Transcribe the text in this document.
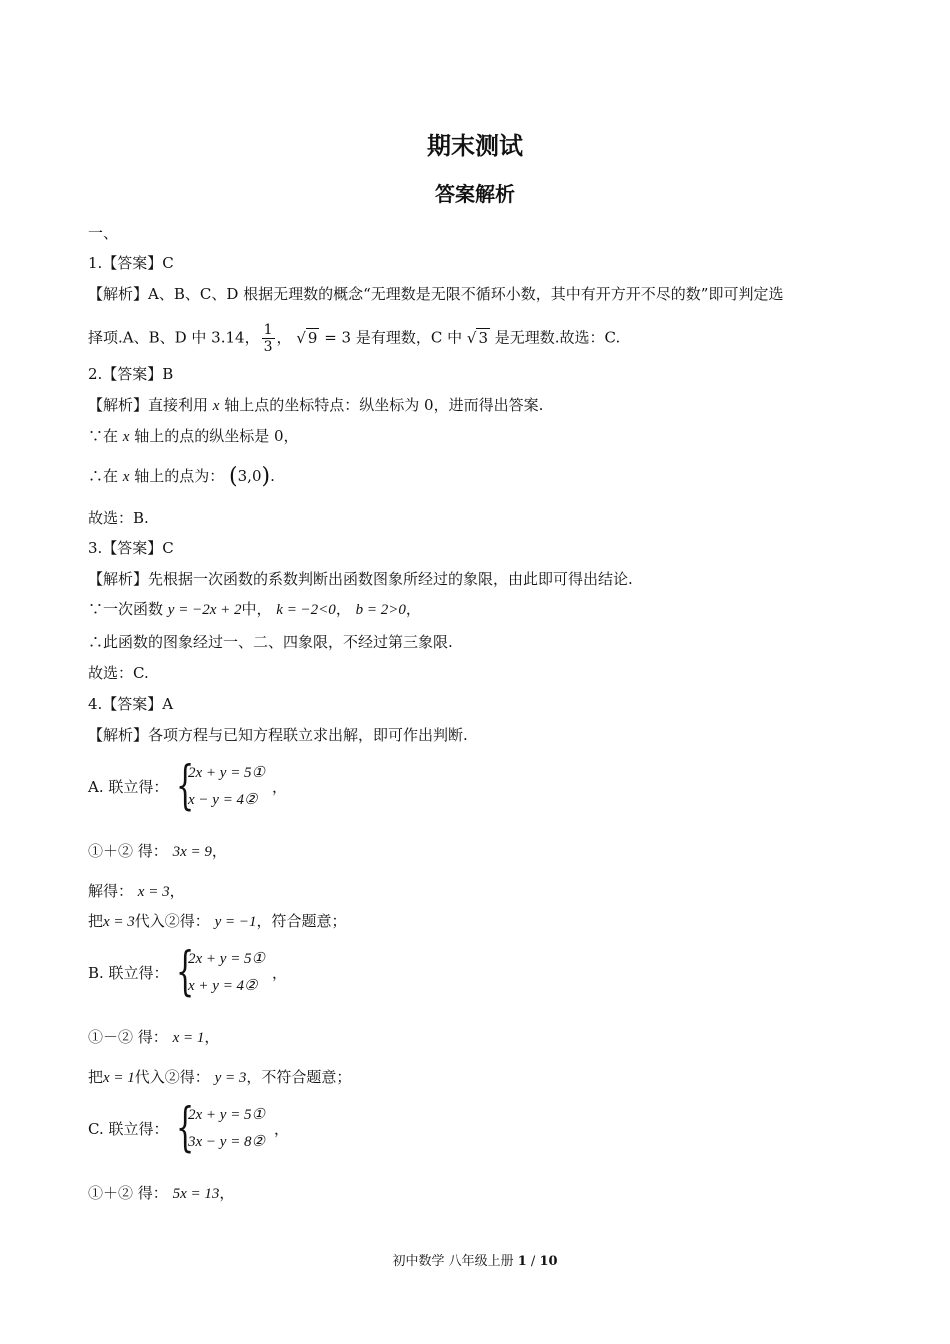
期末测试
答案解析
一、
1.【答案】C
【解析】A、B、C、D 根据无理数的概念“无理数是无限不循环小数，其中有开方开不尽的数”即可判定选
择项.A、B、D 中 3.14， $\frac{1}{3}$ ， √ 9 = 3 是有理数，C 中 √ 3 是无理数.故选：C.
2.【答案】B
【解析】直接利用 x 轴上点的坐标特点：纵坐标为 0，进而得出答案.
∵在 x 轴上的点的纵坐标是 0，
∴在 x 轴上的点为： (3,0).
故选：B.
3.【答案】C
【解析】先根据一次函数的系数判断出函数图象所经过的象限，由此即可得出结论.
∵一次函数 y = −2x + 2中， k = −2<0， b = 2>0，
∴此函数的图象经过一、二、四象限，不经过第三象限.
故选：C.
4.【答案】A
【解析】各项方程与已知方程联立求出解，即可作出判断.
A. 联立得： {
2x + y = 5①
x − y = 4②
，
①＋② 得： 3x = 9，
解得： x = 3，
把x = 3代入②得： y = −1，符合题意；
B. 联立得： {
2x + y = 5①
x + y = 4②
，
①－② 得： x = 1，
把x = 1代入②得： y = 3，不符合题意；
C. 联立得： {
2x + y = 5①
3x − y = 8②
，
①＋② 得： 5x = 13，
初中数学 八年级上册 1 / 10
